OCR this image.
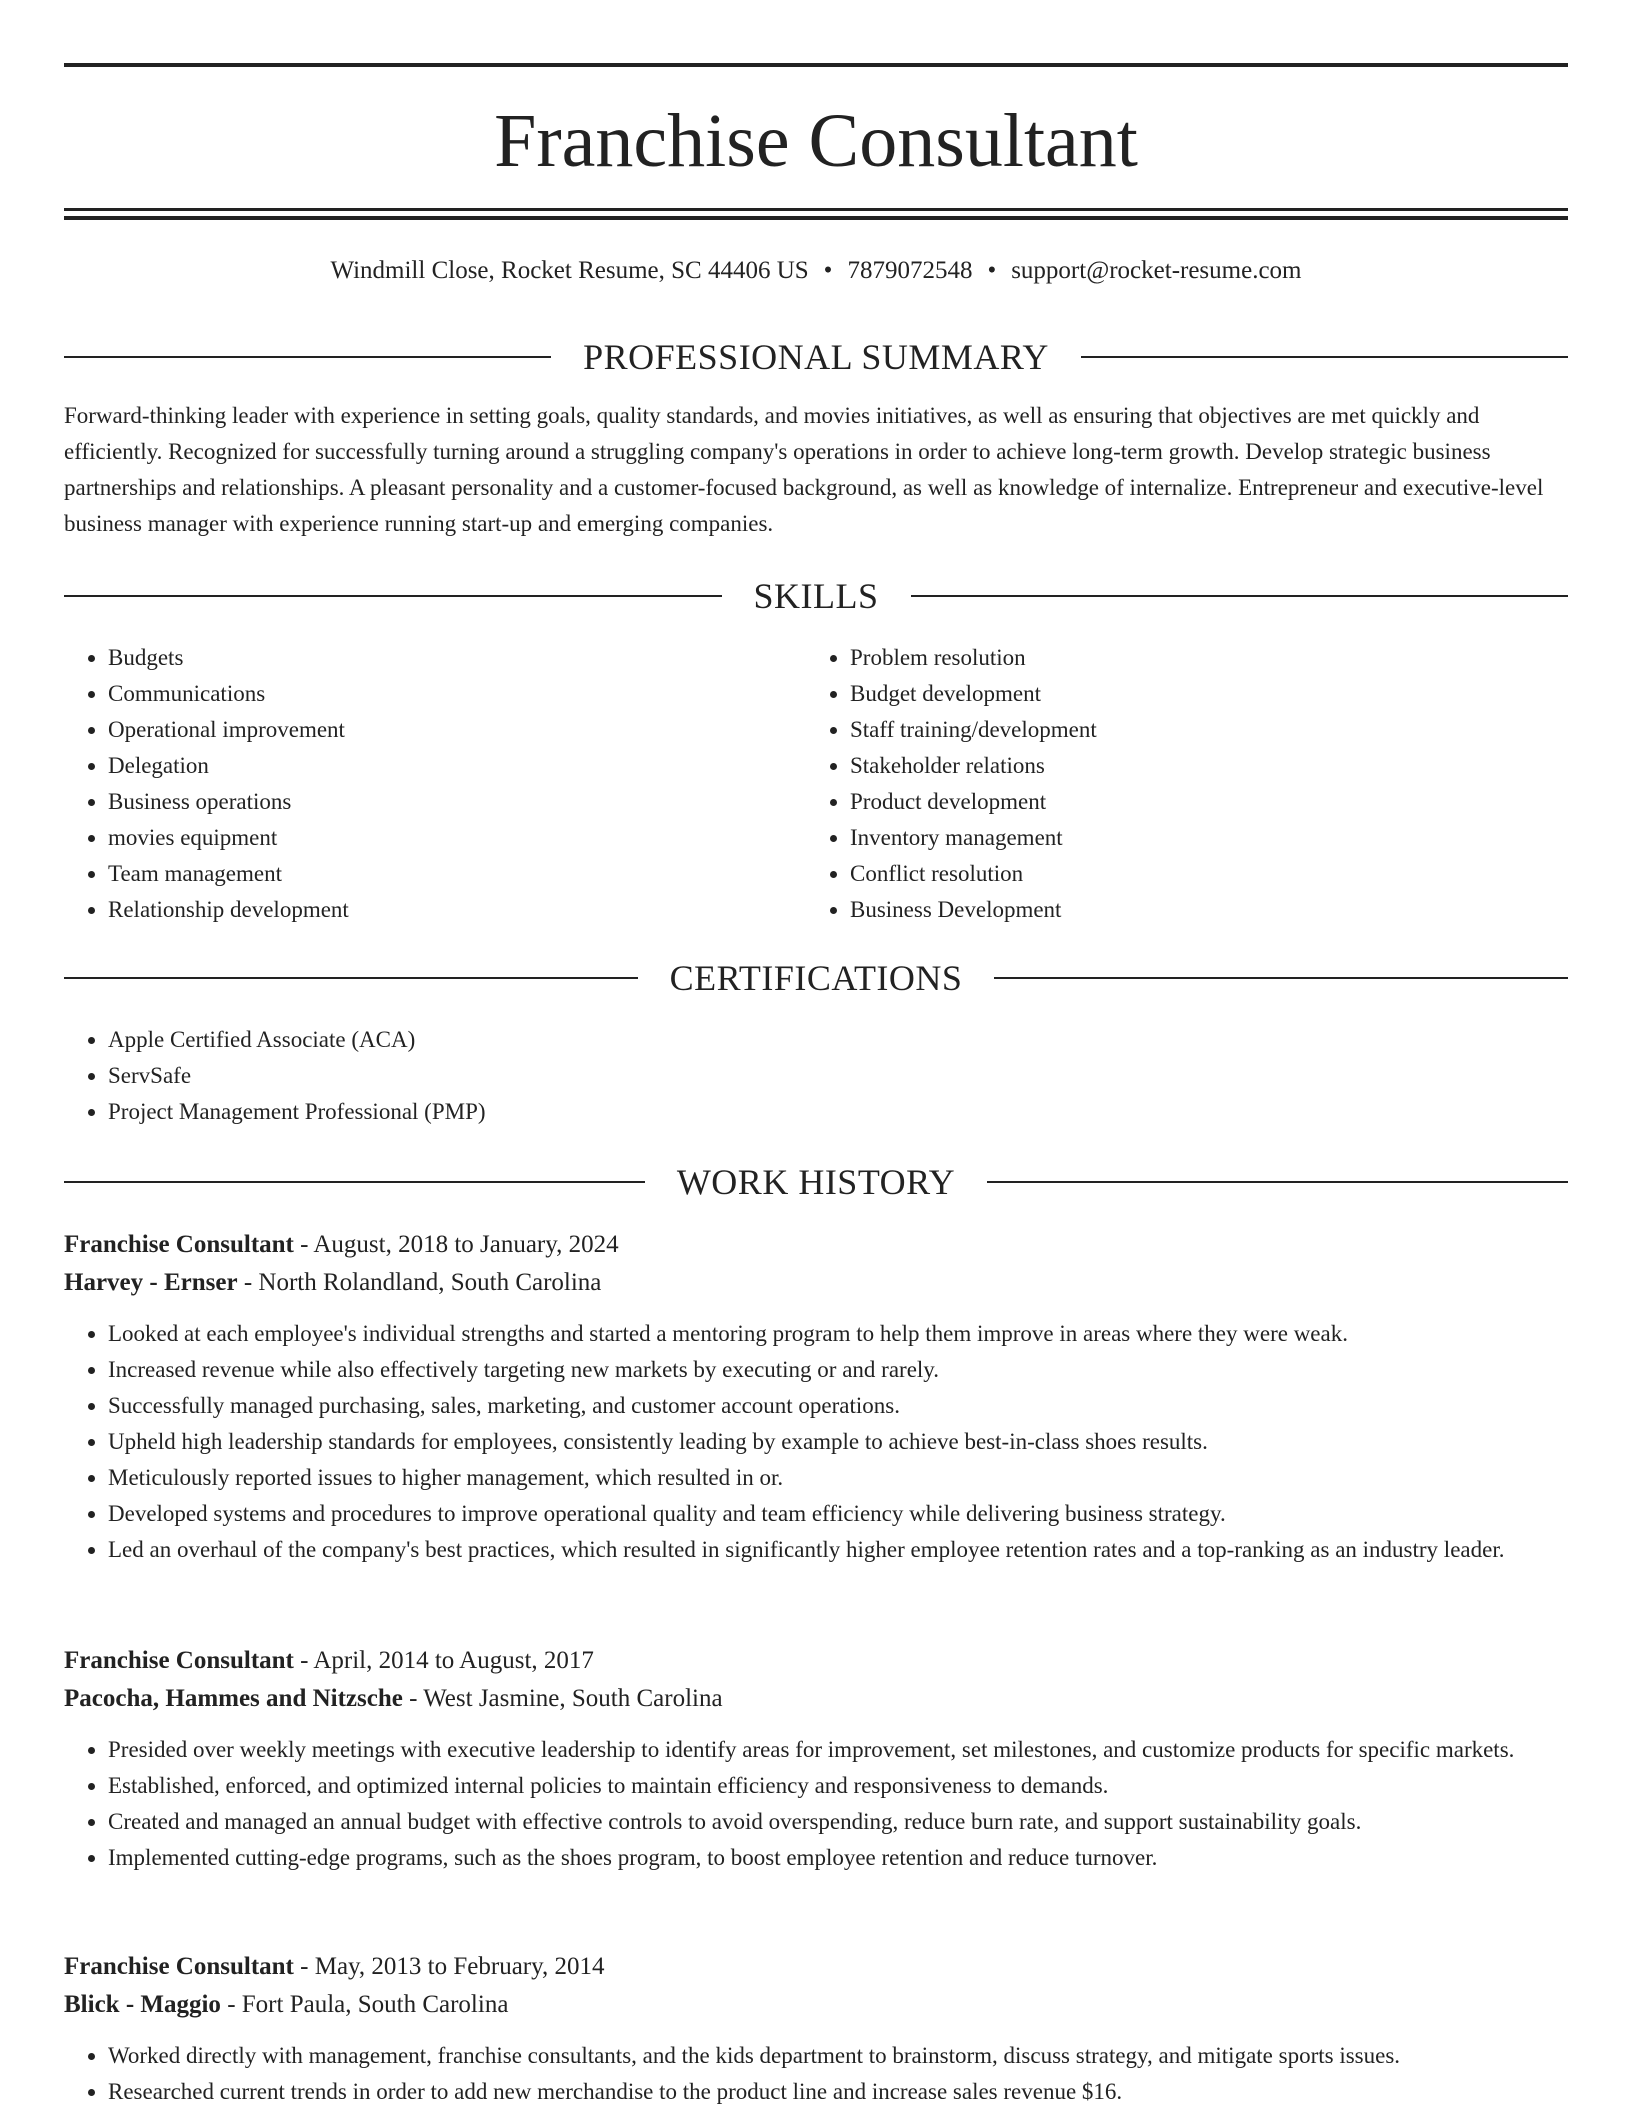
Franchise Consultant
Windmill Close, Rocket Resume, SC 44406 US • 7879072548 • support@rocket-resume.com
PROFESSIONAL SUMMARY

Forward-thinking leader with experience in setting goals, quality standards, and movies initiatives, as well as ensuring that objectives are met quickly and efficiently. Recognized for successfully turning around a struggling company's operations in order to achieve long-term growth. Develop strategic business partnerships and relationships. A pleasant personality and a customer-focused background, as well as knowledge of internalize. Entrepreneur and executive-level business manager with experience running start-up and emerging companies.

SKILLS
• Budgets
• Communications
• Operational improvement
• Delegation
• Business operations
• movies equipment
• Team management
• Relationship development
• Problem resolution
• Budget development
• Staff training/development
• Stakeholder relations
• Product development
• Inventory management
• Conflict resolution
• Business Development
CERTIFICATIONS
• Apple Certified Associate (ACA)
• ServSafe
• Project Management Professional (PMP)
WORK HISTORY
Franchise Consultant - August, 2018 to January, 2024
Harvey - Ernser - North Rolandland, South Carolina
• Looked at each employee's individual strengths and started a mentoring program to help them improve in areas where they were weak.
• Increased revenue while also effectively targeting new markets by executing or and rarely.
• Successfully managed purchasing, sales, marketing, and customer account operations.
• Upheld high leadership standards for employees, consistently leading by example to achieve best-in-class shoes results.
• Meticulously reported issues to higher management, which resulted in or.
• Developed systems and procedures to improve operational quality and team efficiency while delivering business strategy.
• Led an overhaul of the company's best practices, which resulted in significantly higher employee retention rates and a top-ranking as an industry leader.
Franchise Consultant - April, 2014 to August, 2017
Pacocha, Hammes and Nitzsche - West Jasmine, South Carolina
• Presided over weekly meetings with executive leadership to identify areas for improvement, set milestones, and customize products for specific markets.
• Established, enforced, and optimized internal policies to maintain efficiency and responsiveness to demands.
• Created and managed an annual budget with effective controls to avoid overspending, reduce burn rate, and support sustainability goals.
• Implemented cutting-edge programs, such as the shoes program, to boost employee retention and reduce turnover.
Franchise Consultant - May, 2013 to February, 2014
Blick - Maggio - Fort Paula, South Carolina
• Worked directly with management, franchise consultants, and the kids department to brainstorm, discuss strategy, and mitigate sports issues.
• Researched current trends in order to add new merchandise to the product line and increase sales revenue $16.
